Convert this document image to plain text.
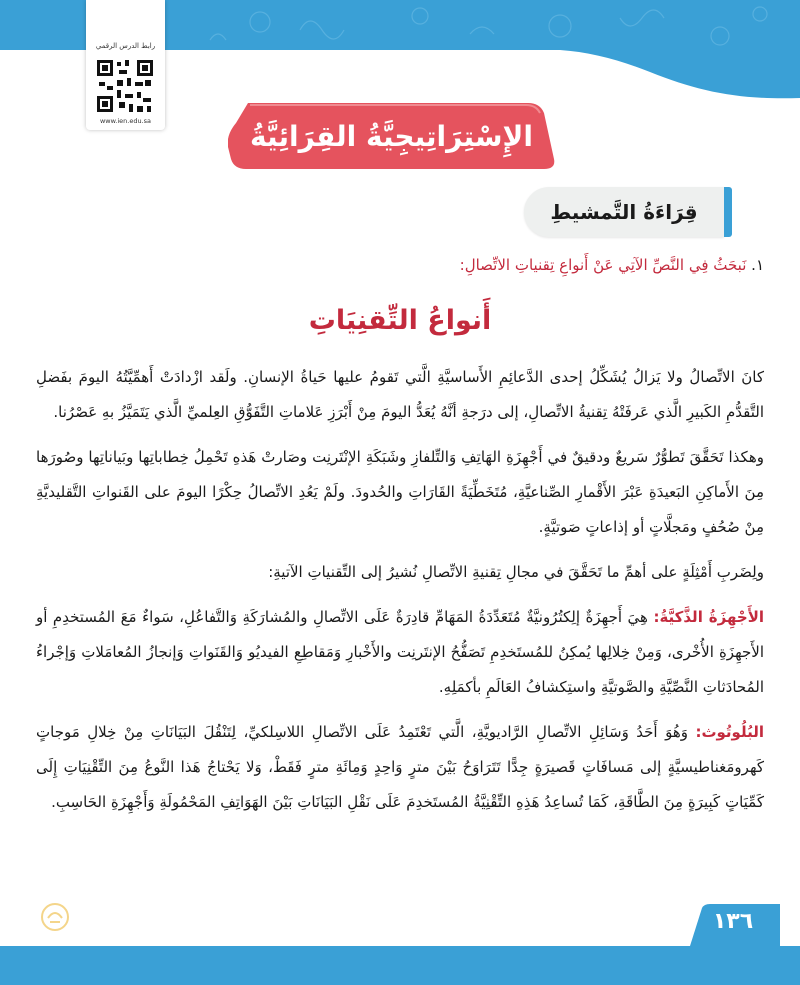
رابط الدرس الرقمي
www.ien.edu.sa	الإِسْتِرَاتِيجِيَّةُ القِرَائِيَّةُ
قِرَاءَةُ التَّمشيطِ
١. نَبحَثُ فِي النَّصِّ الآتِي عَنْ أَنواعِ تِقنياتِ الاتِّصالِ:
أَنواعُ التِّقنِيَاتِ

كانَ الاتِّصالُ ولا يَزالُ يُشَكِّلُ إحدى الدَّعائِمِ الأَساسيَّةِ الَّتي تَقومُ عليها حَياةُ الإنسانِ. ولَقد ازْدادَتْ أَهمِّيَّتُهُ اليومَ بفَضلِ التَّقدُّمِ الكَبيرِ الَّذي عَرفَتْهُ تِقنيةُ الاتِّصالِ، إلى درَجةِ أنَّهُ يُعَدُّ اليومَ مِنْ أَبْرَزِ عَلاماتِ التَّفَوُّقِ العِلميِّ الَّذي يَتَمَيَّزُ بهِ عَصْرُنا.

وهكذا تَحَقَّقَ تَطوُّرٌ سَريعٌ ودقيقٌ في أَجْهِزَةِ الهَاتِفِ وَالتِّلفازِ وشَبَكَةِ الإنْتَرنِت وصَارتْ هَذهِ تَحْمِلُ خِطاباتِها وبَياناتِها وصُورَها مِنَ الأَماكِنِ البَعيدَةِ عَبْرَ الأَقْمارِ الصِّناعيَّةِ، مُتَخَطِّيَةً القَارَاتِ والحُدودَ. ولَمْ يَعُدِ الاتِّصالُ حِكْرًا اليومَ على القَنواتِ التَّقليديَّةِ مِنْ صُحُفٍ ومَجلَّاتٍ أو إذاعاتٍ صَوتيَّةٍ.

ولِضَربِ أَمْثِلَةٍ على أهمِّ ما تَحَقَّقَ في مجالِ تِقنيةِ الاتِّصالِ نُشيرُ إلى التِّقنياتِ الآتيةِ:

الأَجْهِزَةُ الذَّكيَّةُ: هِيَ أَجهِزَةٌ إلِكتُرُونيَّةٌ مُتَعَدِّدَةُ المَهَامِّ قادِرَةٌ عَلَى الاتِّصالِ والمُشارَكَةِ وَالتَّفاعُلِ، سَواءٌ مَعَ المُستخدِمِ أو الأَجهِزَةِ الأُخْرى، وَمِنْ خِلالِها يُمكِنُ للمُستَخدِمِ تَصَفُّحُ الإنتَرنِت والأَخْبارِ وَمَقاطِعِ الفيديُو وَالقَنَواتِ وَإنجازُ المُعامَلاتِ وَإجْراءُ المُحادَثاتِ النَّصِّيَّةِ والصَّوتيَّةِ واستِكشافُ العَالَمِ بأكمَلِهِ.

البُلُوتُوث: وَهُوَ أَحَدُ وَسَائِلِ الاتِّصالِ الرَّاديويَّةِ، الَّتي تَعْتَمِدُ عَلَى الاتِّصالِ اللاسِلكيِّ، لِتَنْقُلَ البَيَانَاتِ مِنْ خِلالِ مَوجاتٍ كَهرومَغناطيسيَّةٍ إلى مَسافَاتٍ قَصيرَةٍ جِدًّا تَتَرَاوَحُ بَيْنَ مترٍ وَاحِدٍ وَمِائَةِ مترٍ فَقَطْ، وَلا يَحْتاجُ هَذا النَّوعُ مِنَ التِّقْنِيَاتِ إِلَى كَمِّيَاتٍ كَبِيرَةٍ مِنَ الطَّاقَةِ، كَمَا تُساعِدُ هَذِهِ التِّقْنِيَّةُ المُستَخدِمَ عَلَى نَقْلِ البَيَانَاتِ بَيْنَ الهَوَاتِفِ المَحْمُولَةِ وَأَجْهِزَةِ الحَاسِبِ.

١٣٦
